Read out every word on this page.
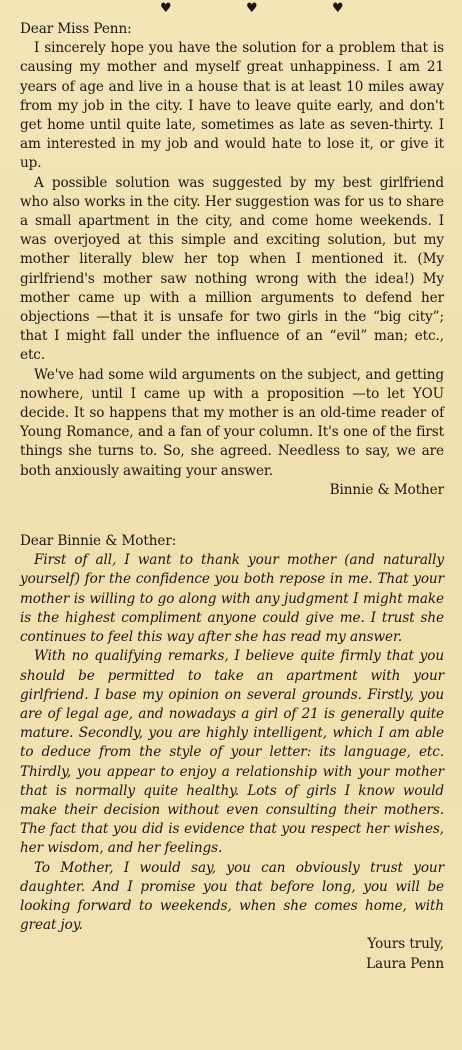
♥	♥	♥

Dear Miss Penn:

I sincerely hope you have the solution for a problem that is causing my mother and myself great unhappiness. I am 21 years of age and live in a house that is at least 10 miles away from my job in the city. I have to leave quite early, and don't get home until quite late, sometimes as late as seven-thirty. I am interested in my job and would hate to lose it, or give it up.

A possible solution was suggested by my best girlfriend who also works in the city. Her suggestion was for us to share a small apartment in the city, and come home weekends. I was overjoyed at this simple and exciting solution, but my mother literally blew her top when I mentioned it. (My girlfriend's mother saw nothing wrong with the idea!) My mother came up with a million arguments to defend her objections —that it is unsafe for two girls in the “big city”; that I might fall under the influence of an “evil” man; etc., etc.

We've had some wild arguments on the subject, and getting nowhere, until I came up with a proposition —to let YOU decide. It so happens that my mother is an old-time reader of Young Romance, and a fan of your column. It's one of the first things she turns to. So, she agreed. Needless to say, we are both anxiously awaiting your answer.

Binnie & Mother

Dear Binnie & Mother:

First of all, I want to thank your mother (and naturally yourself) for the confidence you both repose in me. That your mother is willing to go along with any judgment I might make is the highest compliment anyone could give me. I trust she continues to feel this way after she has read my answer.

With no qualifying remarks, I believe quite firmly that you should be permitted to take an apartment with your girlfriend. I base my opinion on several grounds. Firstly, you are of legal age, and nowadays a girl of 21 is generally quite mature. Secondly, you are highly intelligent, which I am able to deduce from the style of your letter: its language, etc. Thirdly, you appear to enjoy a relationship with your mother that is normally quite healthy. Lots of girls I know would make their decision without even consulting their mothers. The fact that you did is evidence that you respect her wishes, her wisdom, and her feelings.

To Mother, I would say, you can obviously trust your daughter. And I promise you that before long, you will be looking forward to weekends, when she comes home, with great joy.

Yours truly,

Laura Penn
